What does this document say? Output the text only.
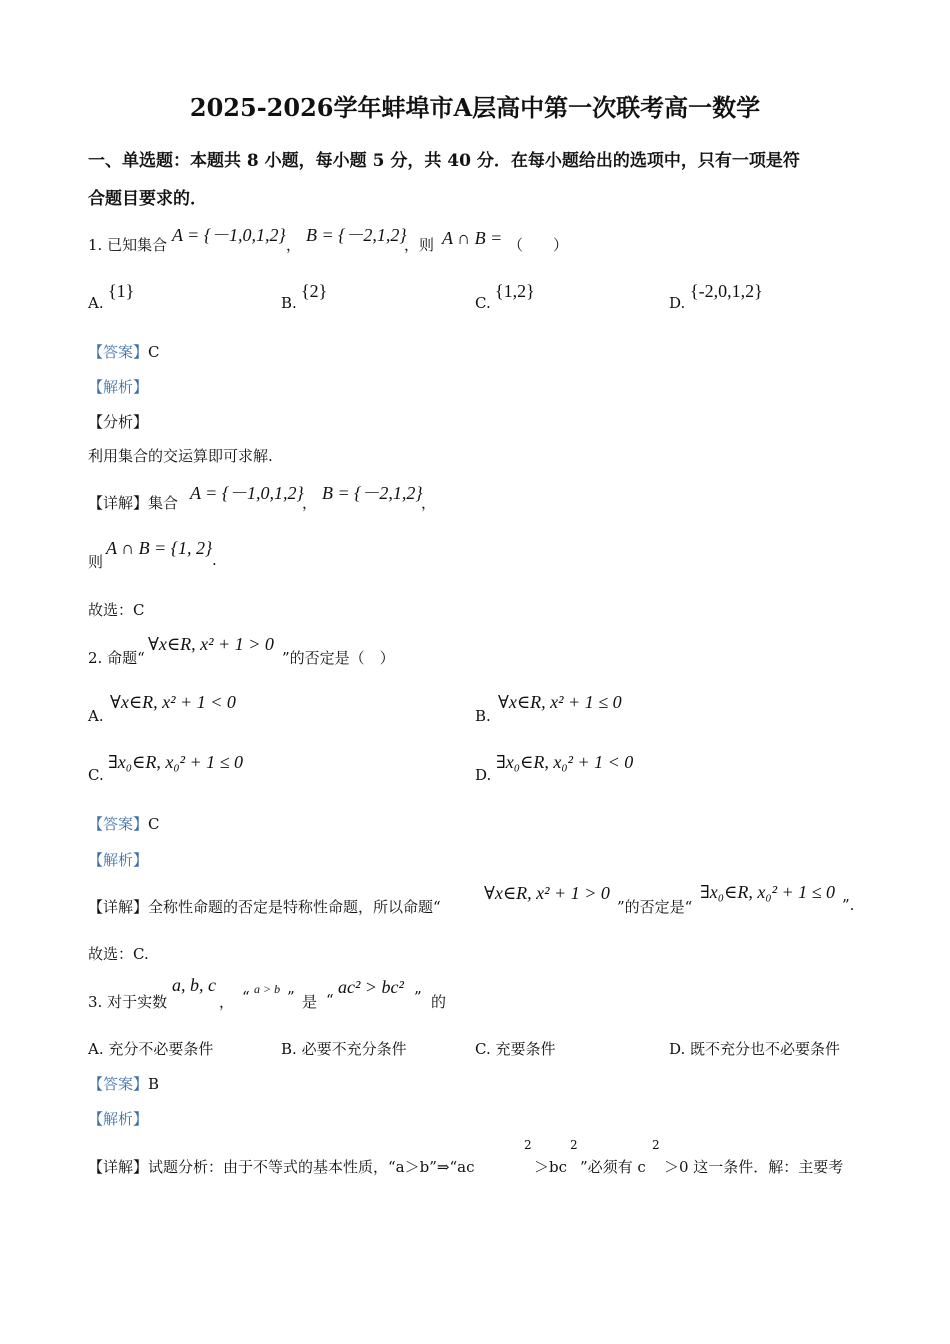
2025-2026学年蚌埠市A层高中第一次联考高一数学
一、单选题：本题共 8 小题，每小题 5 分，共 40 分．在每小题给出的选项中，只有一项是符
合题目要求的．
1. 已知集合 A = {－1,0,1,2} ， B = {－2,1,2}
，则 A ∩ B = （　　）
A.
{1}
B.
{2}
C.
{1,2}
D.
{-2,0,1,2}
【答案】C
【解析】
【分析】
利用集合的交运算即可求解.
【详解】集合 A = {－1,0,1,2}
， B = {－2,1,2}
，
则
A ∩ B = {1, 2}
.
故选：C
2. 命题“
∀x∈R, x² + 1 > 0
”的否定是（　）
A.
∀x∈R, x² + 1 < 0
B.
∀x∈R, x² + 1 ≤ 0
C.
∃x₀∈R, x₀² + 1 ≤ 0
D.
∃x₀∈R, x₀² + 1 < 0
【答案】C
【解析】
【详解】全称性命题的否定是特称性命题，所以命题“
∀x∈R, x² + 1 > 0
”的否定是“
∃x₀∈R, x₀² + 1 ≤ 0
”.
故选：C.
3. 对于实数
a, b, c
， “ a > b ” 是 “
ac² > bc² ” 的
A. 充分不必要条件	B. 必要不充分条件	C. 充要条件	D. 既不充分也不必要条件
【答案】B
【解析】
【详解】试题分析：由于不等式的基本性质，“a＞b”⇒“ac
2
＞bc
2
”必须有 c
2
＞0 这一条件．解：主要考
